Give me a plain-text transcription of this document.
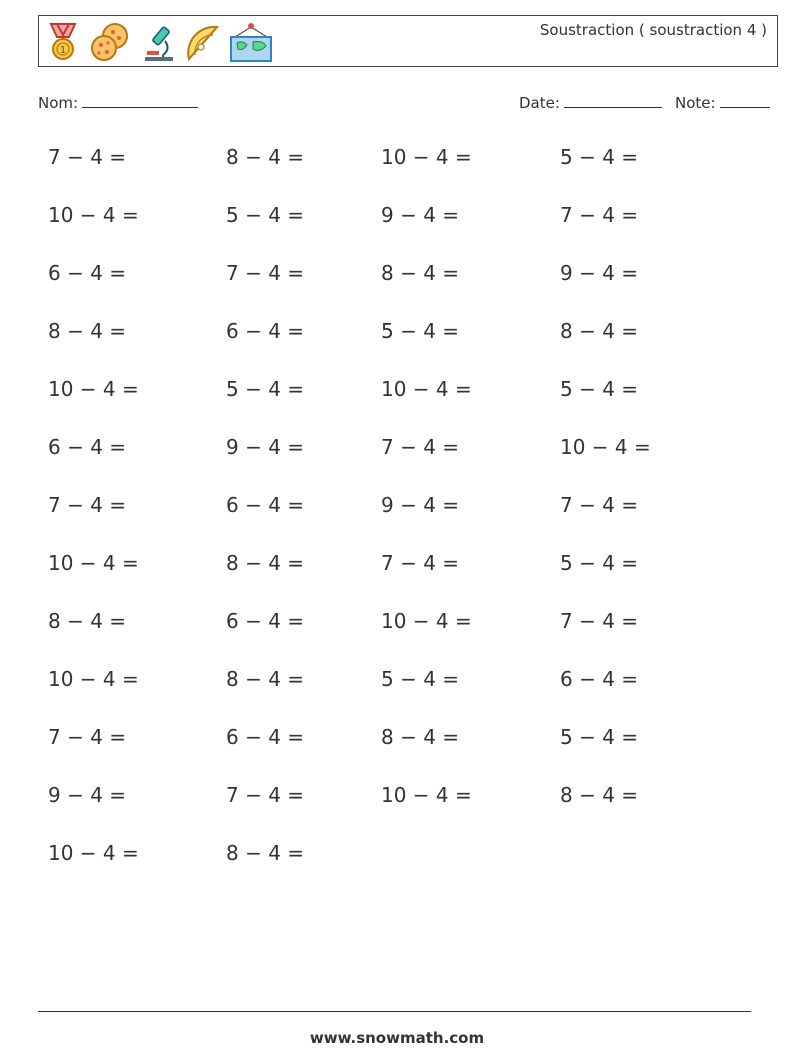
1
Soustraction ( soustraction 4 )
Nom:	Date:	Note:
7 − 4 =	8 − 4 =	10 − 4 =	5 − 4 =
10 − 4 =	5 − 4 =	9 − 4 =	7 − 4 =
6 − 4 =	7 − 4 =	8 − 4 =	9 − 4 =
8 − 4 =	6 − 4 =	5 − 4 =	8 − 4 =
10 − 4 =	5 − 4 =	10 − 4 =	5 − 4 =
6 − 4 =	9 − 4 =	7 − 4 =	10 − 4 =
7 − 4 =	6 − 4 =	9 − 4 =	7 − 4 =
10 − 4 =	8 − 4 =	7 − 4 =	5 − 4 =
8 − 4 =	6 − 4 =	10 − 4 =	7 − 4 =
10 − 4 =	8 − 4 =	5 − 4 =	6 − 4 =
7 − 4 =	6 − 4 =	8 − 4 =	5 − 4 =
9 − 4 =	7 − 4 =	10 − 4 =	8 − 4 =
10 − 4 =	8 − 4 =
www.snowmath.com
